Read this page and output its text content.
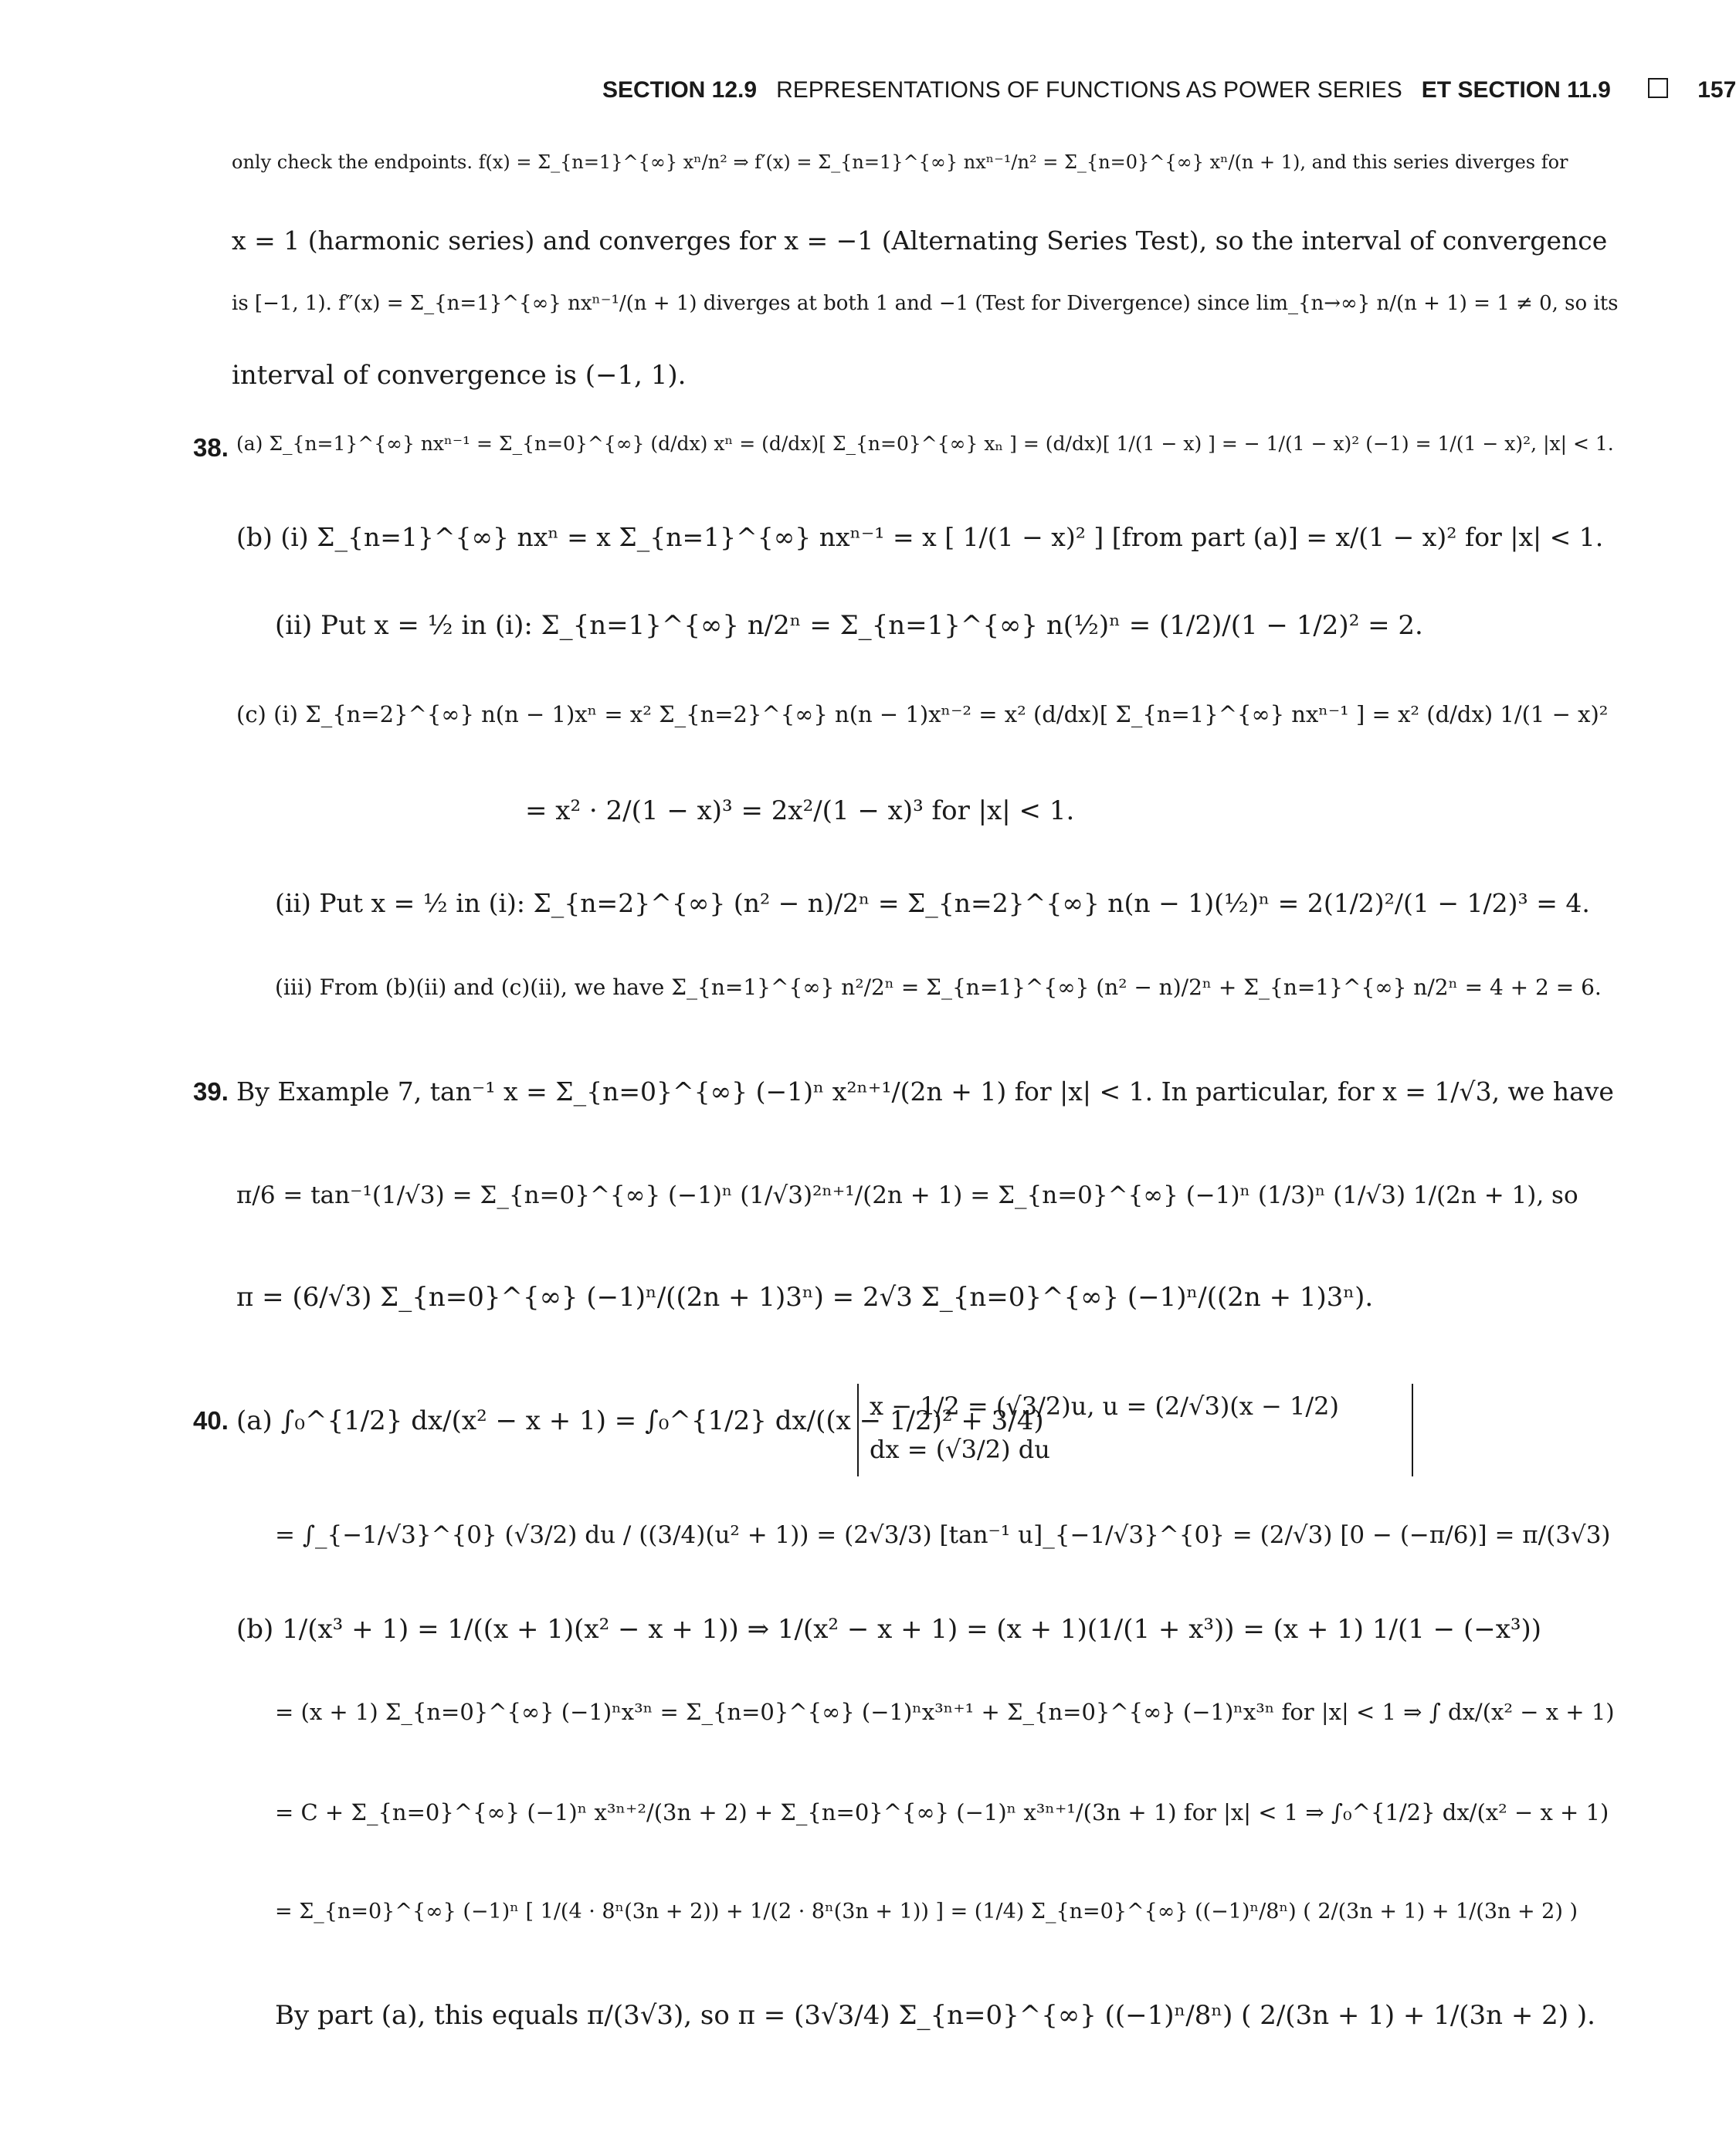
SECTION 12.9 REPRESENTATIONS OF FUNCTIONS AS POWER SERIES ET SECTION 11.9	157
only check the endpoints. f(x) = Σ_{n=1}^{∞} xⁿ/n² ⇒ f′(x) = Σ_{n=1}^{∞} nxⁿ⁻¹/n² = Σ_{n=0}^{∞} xⁿ/(n + 1), and this series diverges for
x = 1 (harmonic series) and converges for x = −1 (Alternating Series Test), so the interval of convergence
is [−1, 1). f″(x) = Σ_{n=1}^{∞} nxⁿ⁻¹/(n + 1) diverges at both 1 and −1 (Test for Divergence) since lim_{n→∞} n/(n + 1) = 1 ≠ 0, so its
interval of convergence is (−1, 1).
38. (a) Σ_{n=1}^{∞} nxⁿ⁻¹ = Σ_{n=0}^{∞} (d/dx) xⁿ = (d/dx)[ Σ_{n=0}^{∞} xₙ ] = (d/dx)[ 1/(1 − x) ] = − 1/(1 − x)² (−1) = 1/(1 − x)², |x| < 1.
(b) (i) Σ_{n=1}^{∞} nxⁿ = x Σ_{n=1}^{∞} nxⁿ⁻¹ = x [ 1/(1 − x)² ] [from part (a)] = x/(1 − x)² for |x| < 1.
(ii) Put x = ½ in (i): Σ_{n=1}^{∞} n/2ⁿ = Σ_{n=1}^{∞} n(½)ⁿ = (1/2)/(1 − 1/2)² = 2.
(c) (i) Σ_{n=2}^{∞} n(n − 1)xⁿ = x² Σ_{n=2}^{∞} n(n − 1)xⁿ⁻² = x² (d/dx)[ Σ_{n=1}^{∞} nxⁿ⁻¹ ] = x² (d/dx) 1/(1 − x)²
= x² · 2/(1 − x)³ = 2x²/(1 − x)³ for |x| < 1.
(ii) Put x = ½ in (i): Σ_{n=2}^{∞} (n² − n)/2ⁿ = Σ_{n=2}^{∞} n(n − 1)(½)ⁿ = 2(1/2)²/(1 − 1/2)³ = 4.
(iii) From (b)(ii) and (c)(ii), we have Σ_{n=1}^{∞} n²/2ⁿ = Σ_{n=1}^{∞} (n² − n)/2ⁿ + Σ_{n=1}^{∞} n/2ⁿ = 4 + 2 = 6.
39. By Example 7, tan⁻¹ x = Σ_{n=0}^{∞} (−1)ⁿ x²ⁿ⁺¹/(2n + 1) for |x| < 1. In particular, for x = 1/√3, we have
π/6 = tan⁻¹(1/√3) = Σ_{n=0}^{∞} (−1)ⁿ (1/√3)²ⁿ⁺¹/(2n + 1) = Σ_{n=0}^{∞} (−1)ⁿ (1/3)ⁿ (1/√3) 1/(2n + 1), so
π = (6/√3) Σ_{n=0}^{∞} (−1)ⁿ/((2n + 1)3ⁿ) = 2√3 Σ_{n=0}^{∞} (−1)ⁿ/((2n + 1)3ⁿ).
40. (a) ∫₀^{1/2} dx/(x² − x + 1) = ∫₀^{1/2} dx/((x − 1/2)² + 3/4)
x − 1/2 = (√3/2)u, u = (2/√3)(x − 1/2)
dx = (√3/2) du
= ∫_{−1/√3}^{0} (√3/2) du / ((3/4)(u² + 1)) = (2√3/3) [tan⁻¹ u]_{−1/√3}^{0} = (2/√3) [0 − (−π/6)] = π/(3√3)
(b) 1/(x³ + 1) = 1/((x + 1)(x² − x + 1)) ⇒ 1/(x² − x + 1) = (x + 1)(1/(1 + x³)) = (x + 1) 1/(1 − (−x³))
= (x + 1) Σ_{n=0}^{∞} (−1)ⁿx³ⁿ = Σ_{n=0}^{∞} (−1)ⁿx³ⁿ⁺¹ + Σ_{n=0}^{∞} (−1)ⁿx³ⁿ for |x| < 1 ⇒ ∫ dx/(x² − x + 1)
= C + Σ_{n=0}^{∞} (−1)ⁿ x³ⁿ⁺²/(3n + 2) + Σ_{n=0}^{∞} (−1)ⁿ x³ⁿ⁺¹/(3n + 1) for |x| < 1 ⇒ ∫₀^{1/2} dx/(x² − x + 1)
= Σ_{n=0}^{∞} (−1)ⁿ [ 1/(4 · 8ⁿ(3n + 2)) + 1/(2 · 8ⁿ(3n + 1)) ] = (1/4) Σ_{n=0}^{∞} ((−1)ⁿ/8ⁿ) ( 2/(3n + 1) + 1/(3n + 2) )
By part (a), this equals π/(3√3), so π = (3√3/4) Σ_{n=0}^{∞} ((−1)ⁿ/8ⁿ) ( 2/(3n + 1) + 1/(3n + 2) ).
